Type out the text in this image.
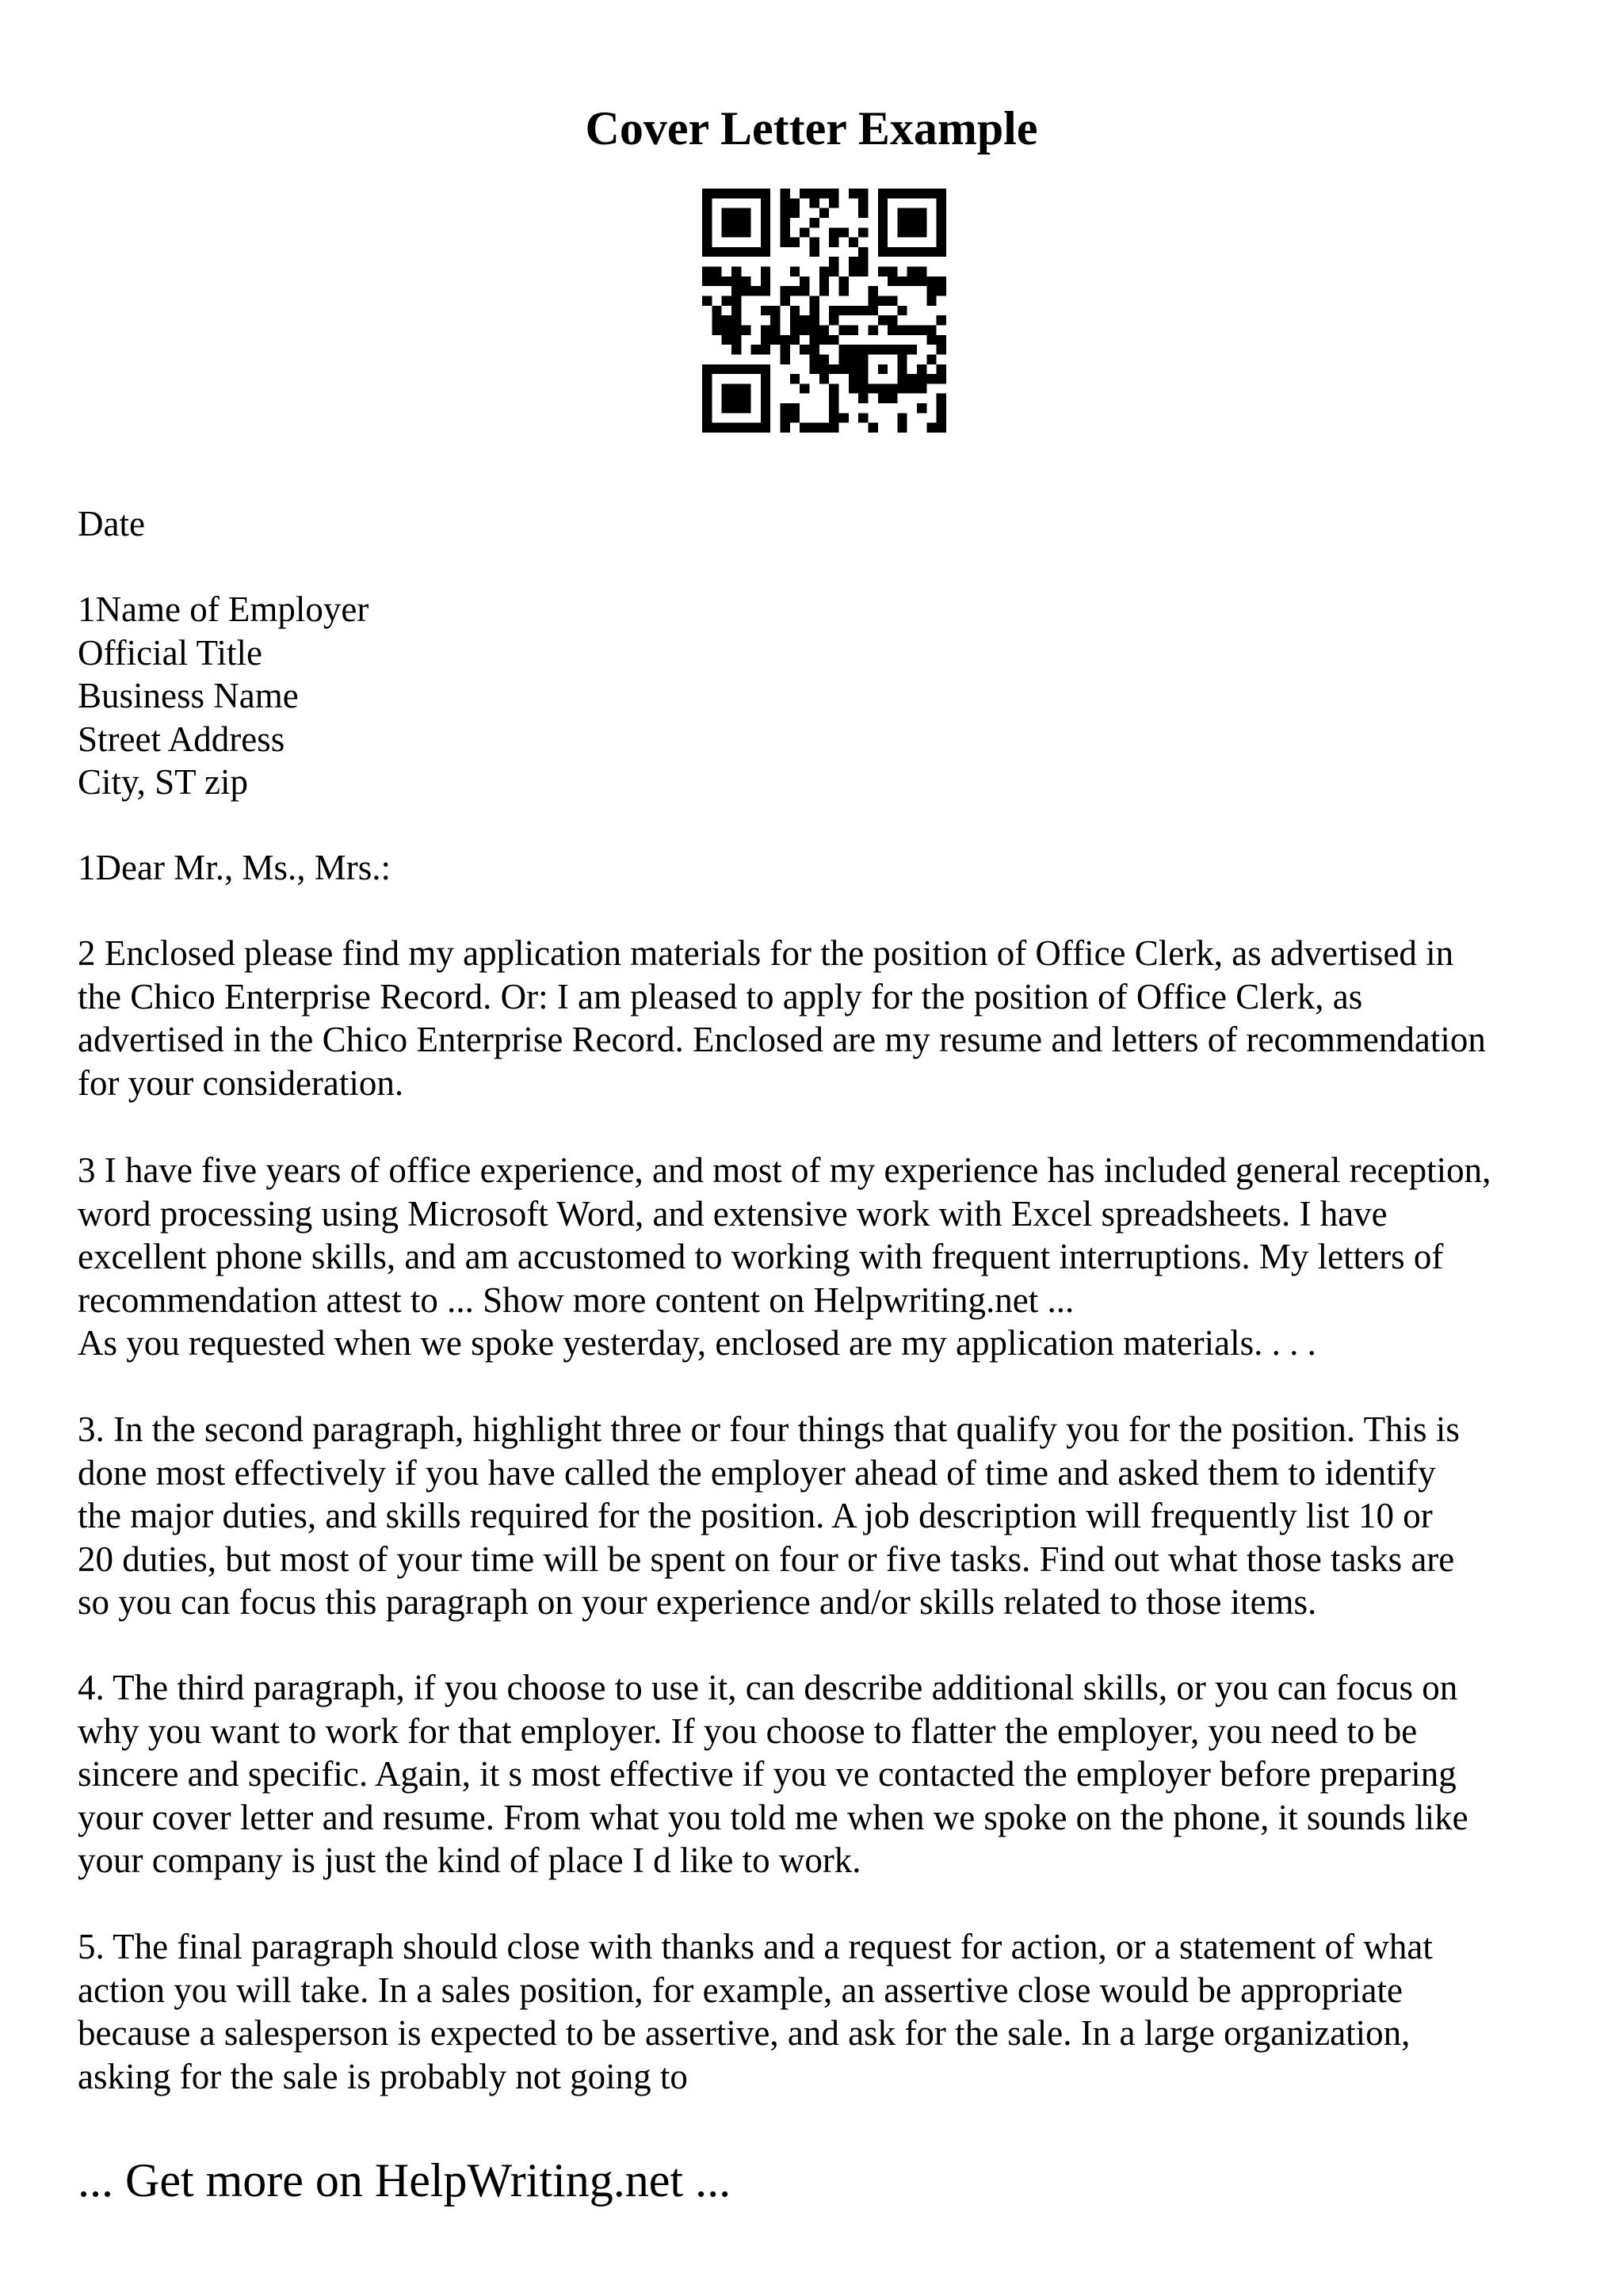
Cover Letter Example
Date
1Name of Employer
Official Title
Business Name
Street Address
City, ST zip
1Dear Mr., Ms., Mrs.:
2 Enclosed please find my application materials for the position of Office Clerk, as advertised in
the Chico Enterprise Record. Or: I am pleased to apply for the position of Office Clerk, as
advertised in the Chico Enterprise Record. Enclosed are my resume and letters of recommendation
for your consideration.
3 I have five years of office experience, and most of my experience has included general reception,
word processing using Microsoft Word, and extensive work with Excel spreadsheets. I have
excellent phone skills, and am accustomed to working with frequent interruptions. My letters of
recommendation attest to ... Show more content on Helpwriting.net ...
As you requested when we spoke yesterday, enclosed are my application materials. . . .
3. In the second paragraph, highlight three or four things that qualify you for the position. This is
done most effectively if you have called the employer ahead of time and asked them to identify
the major duties, and skills required for the position. A job description will frequently list 10 or
20 duties, but most of your time will be spent on four or five tasks. Find out what those tasks are
so you can focus this paragraph on your experience and/or skills related to those items.
4. The third paragraph, if you choose to use it, can describe additional skills, or you can focus on
why you want to work for that employer. If you choose to flatter the employer, you need to be
sincere and specific. Again, it s most effective if you ve contacted the employer before preparing
your cover letter and resume. From what you told me when we spoke on the phone, it sounds like
your company is just the kind of place I d like to work.
5. The final paragraph should close with thanks and a request for action, or a statement of what
action you will take. In a sales position, for example, an assertive close would be appropriate
because a salesperson is expected to be assertive, and ask for the sale. In a large organization,
asking for the sale is probably not going to
... Get more on HelpWriting.net ...
